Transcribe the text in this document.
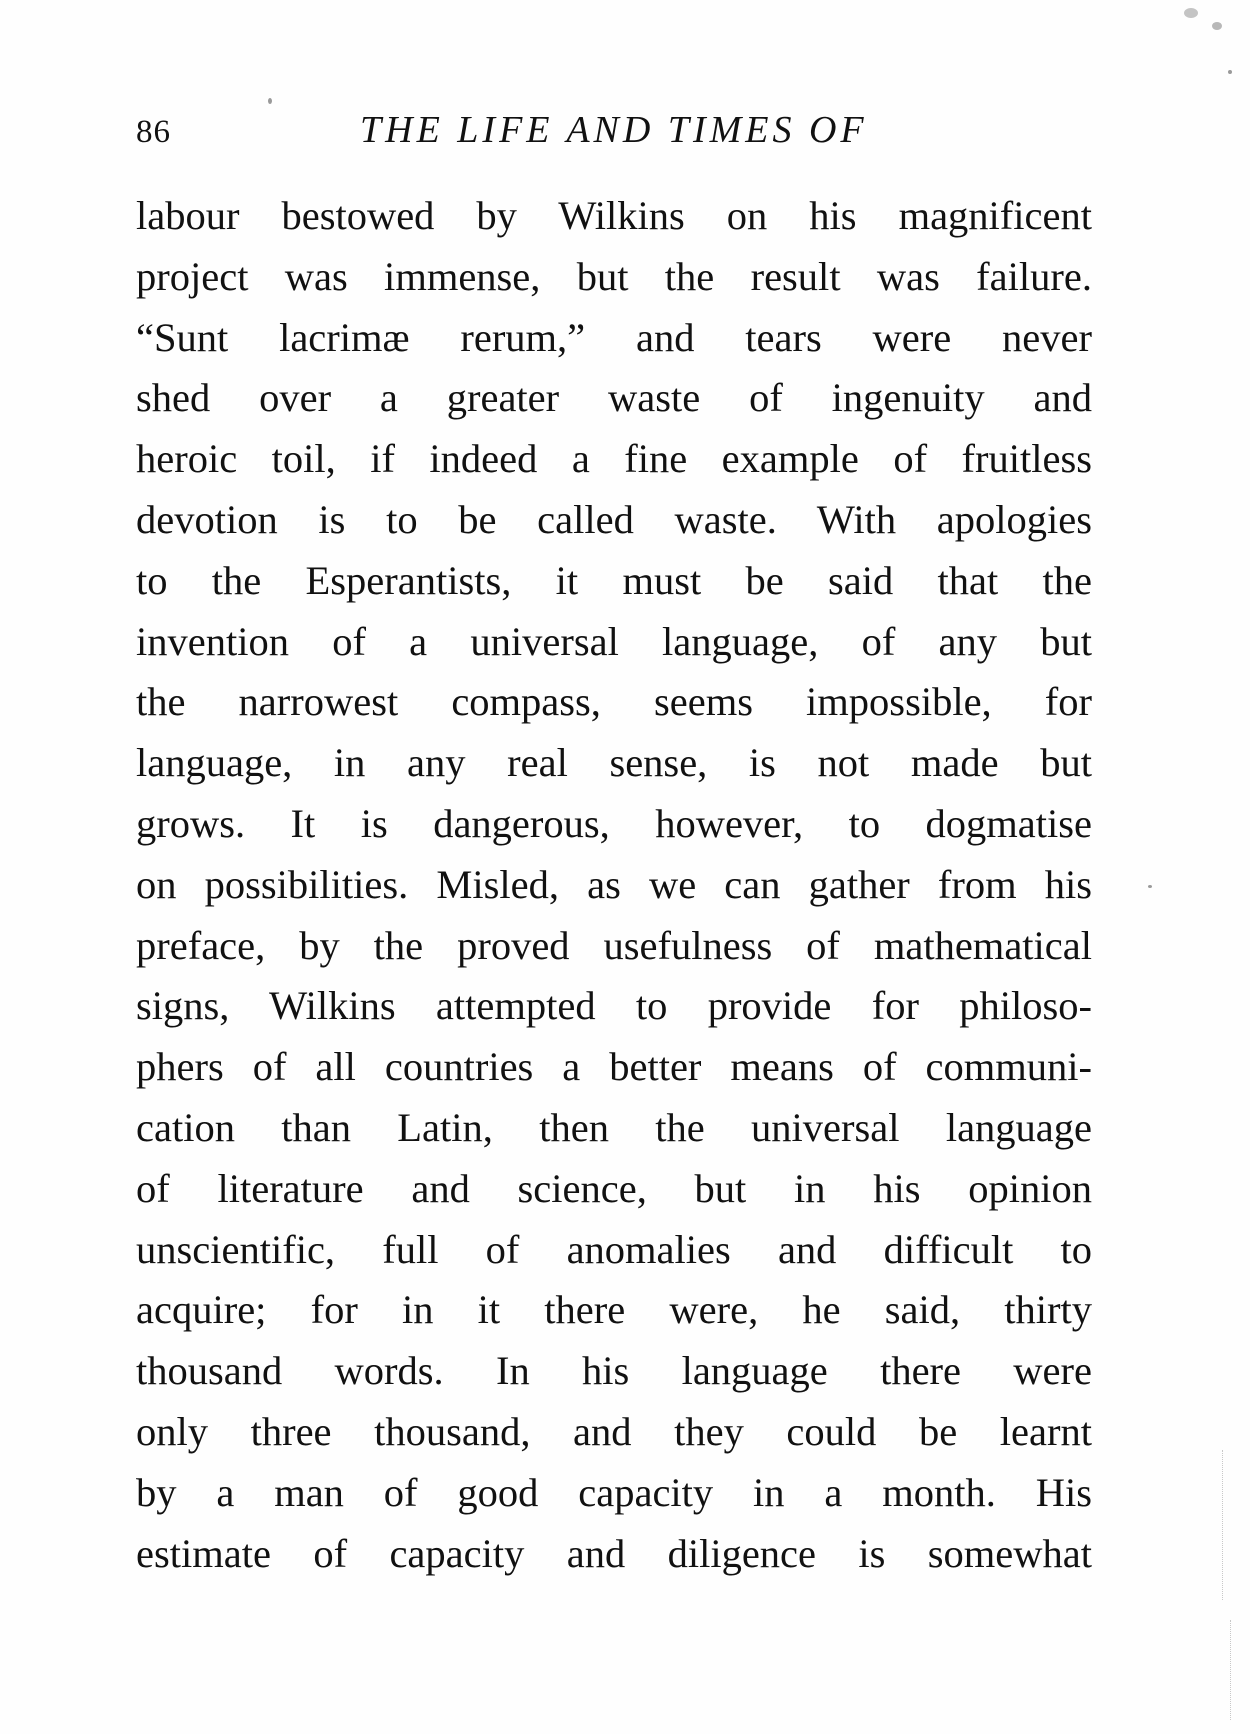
86	THE LIFE AND TIMES OF
labour bestowed by Wilkins on his magnificent
project was immense, but the result was failure.
“Sunt lacrimæ rerum,” and tears were never
shed over a greater waste of ingenuity and
heroic toil, if indeed a fine example of fruitless
devotion is to be called waste. With apologies
to the Esperantists, it must be said that the
invention of a universal language, of any but
the narrowest compass, seems impossible, for
language, in any real sense, is not made but
grows. It is dangerous, however, to dogmatise
on possibilities. Misled, as we can gather from his
preface, by the proved usefulness of mathematical
signs, Wilkins attempted to provide for philoso-
phers of all countries a better means of communi-
cation than Latin, then the universal language
of literature and science, but in his opinion
unscientific, full of anomalies and difficult to
acquire; for in it there were, he said, thirty
thousand words. In his language there were
only three thousand, and they could be learnt
by a man of good capacity in a month. His
estimate of capacity and diligence is somewhat
